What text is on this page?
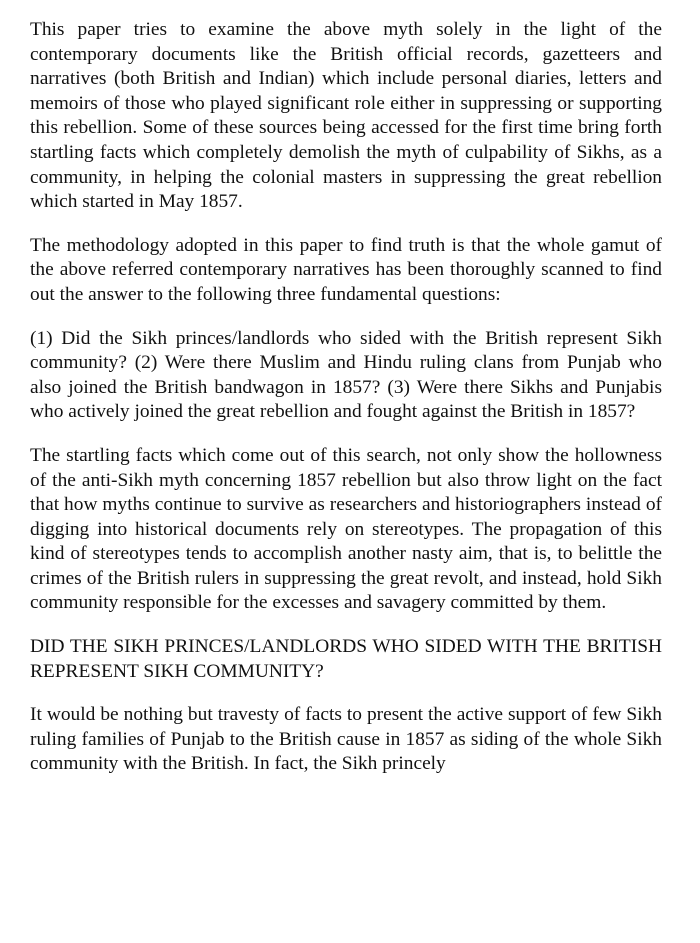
This paper tries to examine the above myth solely in the light of the contemporary documents like the British official records, gazetteers and narratives (both British and Indian) which include personal diaries, letters and memoirs of those who played significant role either in suppressing or supporting this rebellion. Some of these sources being accessed for the first time bring forth startling facts which completely demolish the myth of culpability of Sikhs, as a community, in helping the colonial masters in suppressing the great rebellion which started in May 1857.

The methodology adopted in this paper to find truth is that the whole gamut of the above referred contemporary narratives has been thoroughly scanned to find out the answer to the following three fundamental questions:

(1) Did the Sikh princes/landlords who sided with the British represent Sikh community? (2) Were there Muslim and Hindu ruling clans from Punjab who also joined the British bandwagon in 1857? (3) Were there Sikhs and Punjabis who actively joined the great rebellion and fought against the British in 1857?

The startling facts which come out of this search, not only show the hollowness of the anti-Sikh myth concerning 1857 rebellion but also throw light on the fact that how myths continue to survive as researchers and historiographers instead of digging into historical documents rely on stereotypes. The propagation of this kind of stereotypes tends to accomplish another nasty aim, that is, to belittle the crimes of the British rulers in suppressing the great revolt, and instead, hold Sikh community responsible for the excesses and savagery committed by them.

DID THE SIKH PRINCES/LANDLORDS WHO SIDED WITH THE BRITISH REPRESENT SIKH COMMUNITY?

It would be nothing but travesty of facts to present the active support of few Sikh ruling families of Punjab to the British cause in 1857 as siding of the whole Sikh community with the British. In fact, the Sikh princely
